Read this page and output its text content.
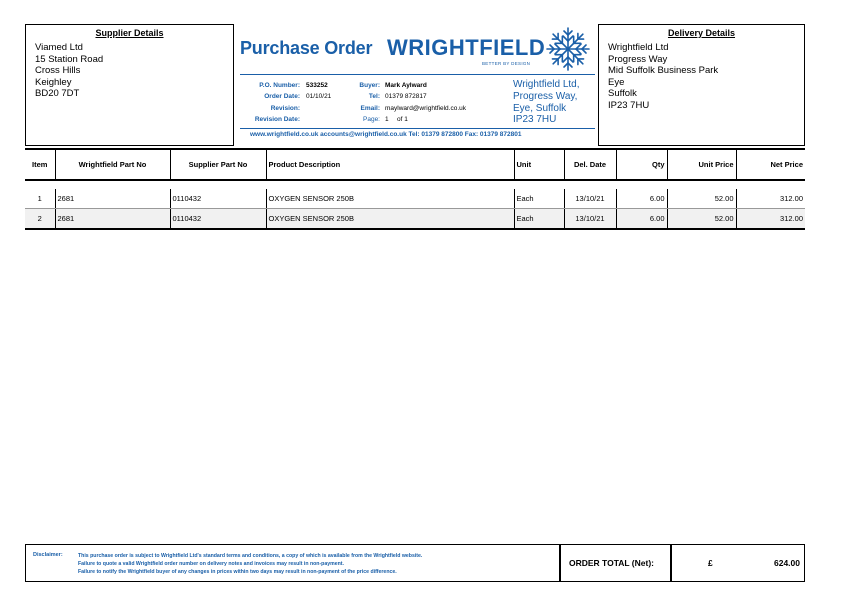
Supplier Details
Viamed Ltd
15 Station Road
Cross Hills
Keighley
BD20 7DT
Delivery Details
Wrightfield Ltd
Progress Way
Mid Suffolk Business Park
Eye
Suffolk
IP23 7HU
Purchase Order WRIGHTFIELD
BETTER BY DESIGN
P.O. Number: 533252
Order Date: 01/10/21
Revision:
Revision Date:
Buyer: Mark Aylward
Tel: 01379 872817
Email: maylward@wrightfield.co.uk
Page: 1 of 1
Wrightfield Ltd,
Progress Way,
Eye, Suffolk
IP23 7HU
www.wrightfield.co.uk accounts@wrightfield.co.uk Tel: 01379 872800 Fax: 01379 872801
Item	Wrightfield Part No	Supplier Part No	Product Description	Unit	Del. Date	Qty	Unit Price	Net Price

1	2681	0110432	OXYGEN SENSOR 250B	Each	13/10/21	6.00	52.00	312.00
2	2681	0110432	OXYGEN SENSOR 250B	Each	13/10/21	6.00	52.00	312.00
Disclaimer:	This purchase order is subject to Wrightfield Ltd's standard terms and conditions, a copy of which is available from the Wrightfield website.
Failure to quote a valid Wrightfield order number on delivery notes and invoices may result in non-payment.
Failure to notify the Wrightfield buyer of any changes in prices within two days may result in non-payment of the price difference.
ORDER TOTAL (Net):	£	624.00
